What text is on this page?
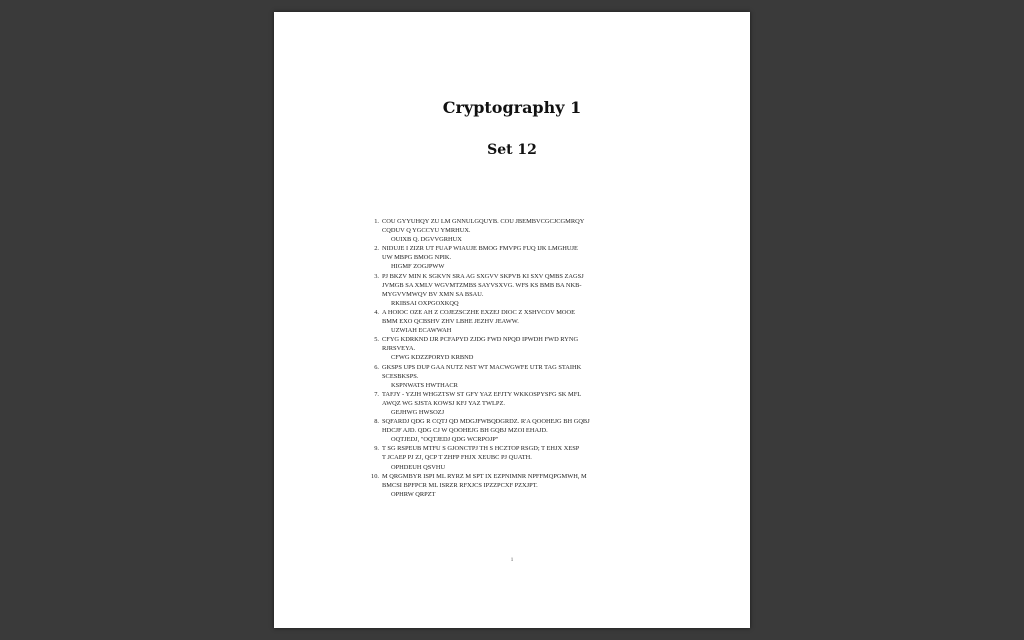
Cryptography 1
Set 12
1. COU GYYUHQY ZU LM GNNULGQUYB. COU JBEMBVCGCJCGMRQY
CQDUV Q YGCCYU YMRHUX.
OUIXB Q. DGVVGRHUX
2. NIDUJE I ZIZR UT FUAP WIAUJE BMOG FMVPG FUQ IJK LMGHUJE
UW MBPG BMOG NPIK.
HIGMF ZOGJPWW
3. PJ BKZV MIN K SGKVN SRA AG SXGVV SKPVB KI SXV QMBS ZAGSJ
JVMGB SA XMLV WGVMTZMBS SAYVSXVG. WFS KS BMB BA NKB-
MYGVVMWQV BV XMN SA BSAU.
RKIBSAI OXPGOXKQQ
4. A HOIOC OZE AH Z COJEZSCZHE EXZEJ DIOC Z XSHVCOV MOOE
BMM EXO QCBSHV ZHV LBHE JEZHV JEAWW.
UZWIAH ECAWWAH
5. CFYG KDRKND IJR PCFAPYD ZJDG FWD NPQD IPWDH FWD RYNG
RJRSVEYA.
CFWG KDZZPORYD KRBND
6. GKSPS UPS DUP GAA NUTZ NST WT MACWGWFE UTR TAG STAIHK
SCESBKSPS.
KSPNWATS HWTHACR
7. TAFJY - YZJH WHGZTSW ST GFY YAZ EFJTY WKKOSPYSFG SK MFL
AWQZ WG SJSTA KOWSJ KFJ YAZ TWLPZ.
GEJHWG HWSOZJ
8. SQFARDJ QDG R CQTJ QD MDGJFWBQDGRDZ. R'A QOOHEJG BH GQBJ
HDCJF AJD. QDG CJ W QOOHEJG BH GQBJ MZOI EHAJD.
OQTJEDJ, "OQTJEDJ QDG WCRPOJP"
9. T SG RSPEUB MTFU S GJONCTPJ TH S HCZTOP RSGD; T EHJX XESP
T JCAEP PJ ZJ, QCP T ZHFP FHJX XEUBC PJ QUATH.
OPHDEUH QSVHU
10. M QRGMBYR ISPI ML RYRZ M SPT IX EZPNIMNR NPFFMQPGMWH, M
BMCSI BPFPCR ML ISRZR RFXJCS IPZZPCXF PZXJPT.
OPHRW QRPZT
1
